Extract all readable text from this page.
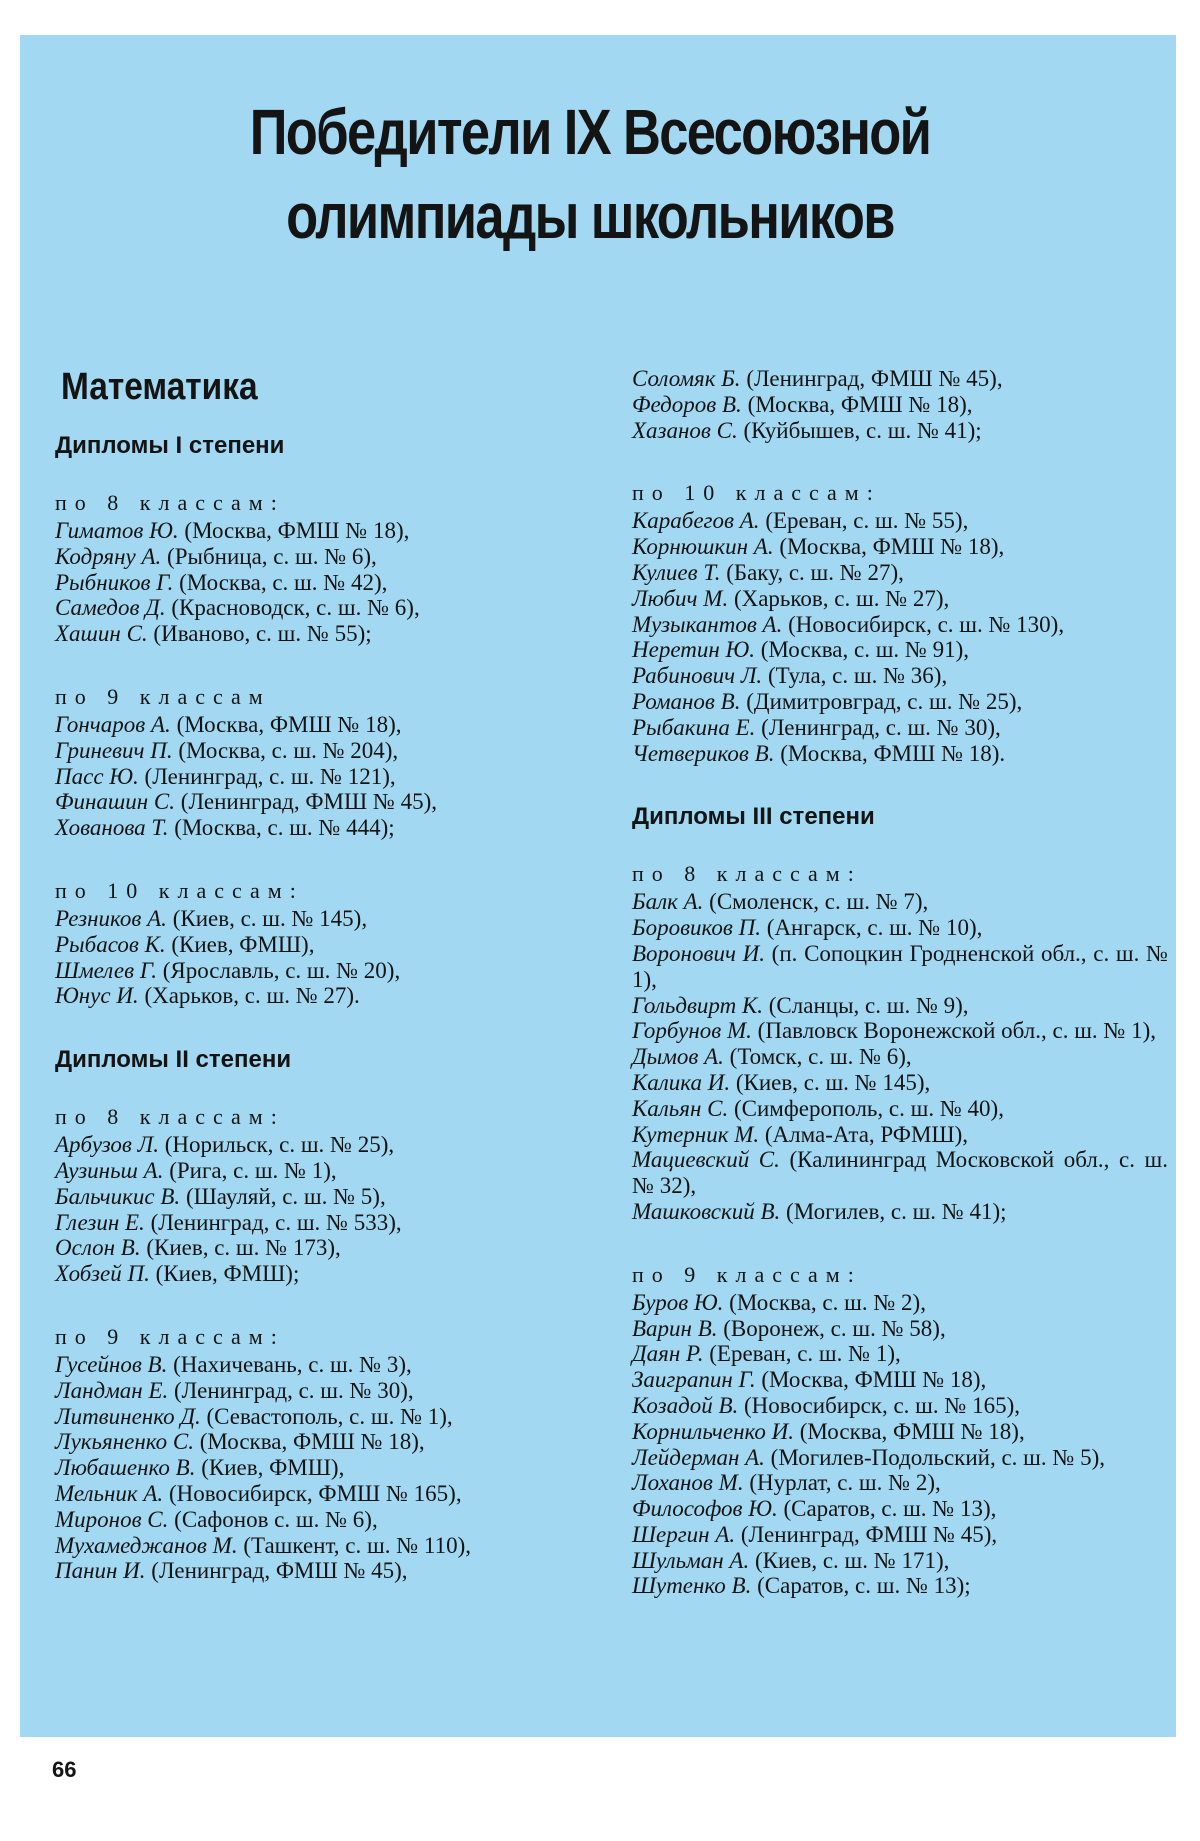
Победители IX Всесоюзной
олимпиады школьников
Математика
Дипломы I степени
по 8 классам:
Гиматов Ю. (Москва, ФМШ № 18),
Кодряну А. (Рыбница, с. ш. № 6),
Рыбников Г. (Москва, с. ш. № 42),
Самедов Д. (Красноводск, с. ш. № 6),
Хашин С. (Иваново, с. ш. № 55);
по 9 классам
Гончаров А. (Москва, ФМШ № 18),
Гриневич П. (Москва, с. ш. № 204),
Пасс Ю. (Ленинград, с. ш. № 121),
Финашин С. (Ленинград, ФМШ № 45),
Хованова Т. (Москва, с. ш. № 444);
по 10 классам:
Резников А. (Киев, с. ш. № 145),
Рыбасов К. (Киев, ФМШ),
Шмелев Г. (Ярославль, с. ш. № 20),
Юнус И. (Харьков, с. ш. № 27).
Дипломы II степени
по 8 классам:
Арбузов Л. (Норильск, с. ш. № 25),
Аузиньш А. (Рига, с. ш. № 1),
Бальчикис В. (Шауляй, с. ш. № 5),
Глезин Е. (Ленинград, с. ш. № 533),
Ослон В. (Киев, с. ш. № 173),
Хобзей П. (Киев, ФМШ);
по 9 классам:
Гусейнов В. (Нахичевань, с. ш. № 3),
Ландман Е. (Ленинград, с. ш. № 30),
Литвиненко Д. (Севастополь, с. ш. № 1),
Лукьяненко С. (Москва, ФМШ № 18),
Любашенко В. (Киев, ФМШ),
Мельник А. (Новосибирск, ФМШ № 165),
Миронов С. (Сафонов с. ш. № 6),
Мухамеджанов М. (Ташкент, с. ш. № 110),
Панин И. (Ленинград, ФМШ № 45),
Соломяк Б. (Ленинград, ФМШ № 45),
Федоров В. (Москва, ФМШ № 18),
Хазанов С. (Куйбышев, с. ш. № 41);
по 10 классам:
Карабегов А. (Ереван, с. ш. № 55),
Корнюшкин А. (Москва, ФМШ № 18),
Кулиев Т. (Баку, с. ш. № 27),
Любич М. (Харьков, с. ш. № 27),
Музыкантов А. (Новосибирск, с. ш. № 130),
Неретин Ю. (Москва, с. ш. № 91),
Рабинович Л. (Тула, с. ш. № 36),
Романов В. (Димитровград, с. ш. № 25),
Рыбакина Е. (Ленинград, с. ш. № 30),
Четвериков В. (Москва, ФМШ № 18).
Дипломы III степени
по 8 классам:
Балк А. (Смоленск, с. ш. № 7),
Боровиков П. (Ангарск, с. ш. № 10),
Воронович И. (п. Сопоцкин Гродненской обл., с. ш. № 1),
Гольдвирт К. (Сланцы, с. ш. № 9),
Горбунов М. (Павловск Воронежской обл., с. ш. № 1),
Дымов А. (Томск, с. ш. № 6),
Калика И. (Киев, с. ш. № 145),
Кальян С. (Симферополь, с. ш. № 40),
Кутерник М. (Алма-Ата, РФМШ),
Мациевский С. (Калининград Московской обл., с. ш. № 32),
Машковский В. (Могилев, с. ш. № 41);
по 9 классам:
Буров Ю. (Москва, с. ш. № 2),
Варин В. (Воронеж, с. ш. № 58),
Даян Р. (Ереван, с. ш. № 1),
Заиграпин Г. (Москва, ФМШ № 18),
Козадой В. (Новосибирск, с. ш. № 165),
Корнильченко И. (Москва, ФМШ № 18),
Лейдерман А. (Могилев-Подольский, с. ш. № 5),
Лоханов М. (Нурлат, с. ш. № 2),
Философов Ю. (Саратов, с. ш. № 13),
Шергин А. (Ленинград, ФМШ № 45),
Шульман А. (Киев, с. ш. № 171),
Шутенко В. (Саратов, с. ш. № 13);
66
